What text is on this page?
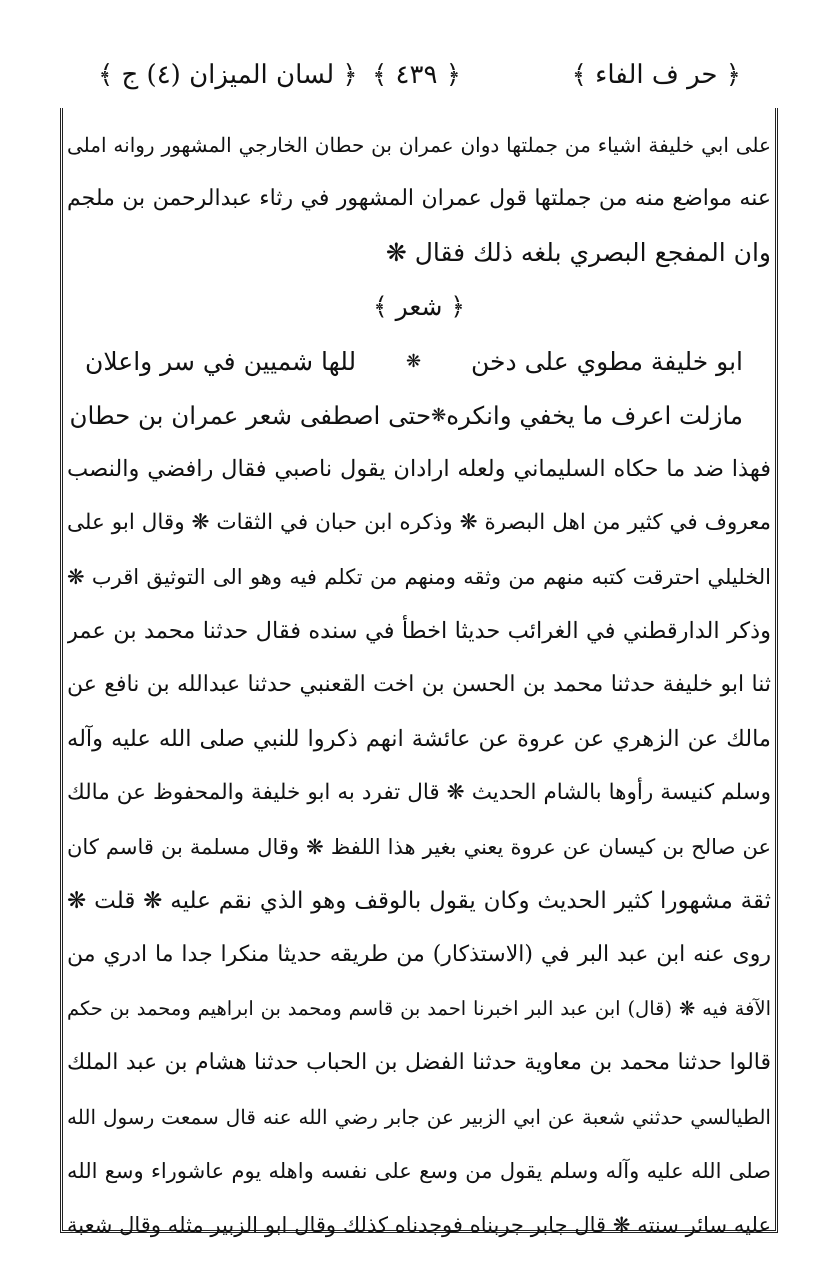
﴿ حر ف الفاء ﴾
﴿ ٤٣٩ ﴾
﴿ لسان الميزان (٤) ج ﴾
على ابي خليفة اشياء من جملتها دوان عمران بن حطان الخارجي المشهور روانه املى
عنه مواضع منه من جملتها قول عمران المشهور في رثاء عبدالرحمن بن ملجم
وان المفجع البصري بلغه ذلك فقال ❋
﴿ شعر ﴾
ابو خليفة مطوي على دخن
❋
للها شميين في سر واعلان
مازلت اعرف ما يخفي وانكره
❋
حتى اصطفى شعر عمران بن حطان
فهذا ضد ما حكاه السليماني ولعله ارادان يقول ناصبي فقال رافضي والنصب
معروف في كثير من اهل البصرة ❋ وذكره ابن حبان في الثقات ❋ وقال ابو على
الخليلي احترقت كتبه منهم من وثقه ومنهم من تكلم فيه وهو الى التوثيق اقرب ❋
وذكر الدارقطني في الغرائب حديثا اخطأ في سنده فقال حدثنا محمد بن عمر
ثنا ابو خليفة حدثنا محمد بن الحسن بن اخت القعنبي حدثنا عبدالله بن نافع عن
مالك عن الزهري عن عروة عن عائشة انهم ذكروا للنبي صلى الله عليه وآله
وسلم كنيسة رأوها بالشام الحديث ❋ قال تفرد به ابو خليفة والمحفوظ عن مالك
عن صالح بن كيسان عن عروة يعني بغير هذا اللفظ ❋ وقال مسلمة بن قاسم كان
ثقة مشهورا كثير الحديث وكان يقول بالوقف وهو الذي نقم عليه ❋ قلت ❋
روى عنه ابن عبد البر في (الاستذكار) من طريقه حديثا منكرا جدا ما ادري من
الآفة فيه ❋ (قال) ابن عبد البر اخبرنا احمد بن قاسم ومحمد بن ابراهيم ومحمد بن حكم
قالوا حدثنا محمد بن معاوية حدثنا الفضل بن الحباب حدثنا هشام بن عبد الملك
الطيالسي حدثني شعبة عن ابي الزبير عن جابر رضي الله عنه قال سمعت رسول الله
صلى الله عليه وآله وسلم يقول من وسع على نفسه واهله يوم عاشوراء وسع الله
عليه سائر سنته ❋ قال جابر جربناه فوجدناه كذلك وقال ابو الزبير مثله وقال شعبة
